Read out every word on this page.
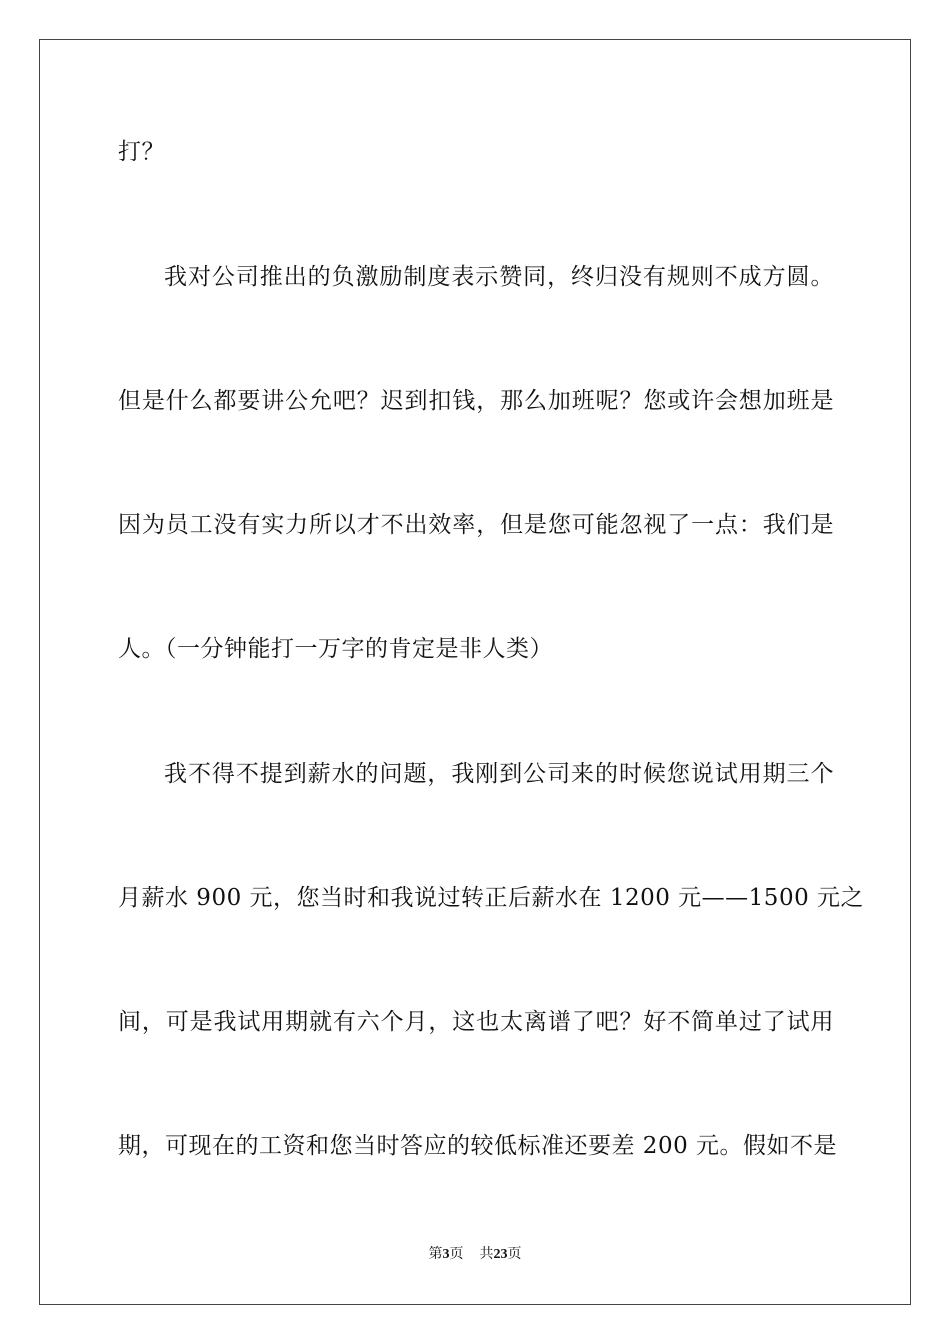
打？
我对公司推出的负激励制度表示赞同，终归没有规则不成方圆。
但是什么都要讲公允吧？迟到扣钱，那么加班呢？您或许会想加班是
因为员工没有实力所以才不出效率，但是您可能忽视了一点：我们是
人。（一分钟能打一万字的肯定是非人类）
我不得不提到薪水的问题，我刚到公司来的时候您说试用期三个
月薪水 900 元，您当时和我说过转正后薪水在 1200 元——1500 元之
间，可是我试用期就有六个月，这也太离谱了吧？好不简单过了试用
期，可现在的工资和您当时答应的较低标准还要差 200 元。假如不是
第3页 共23页
